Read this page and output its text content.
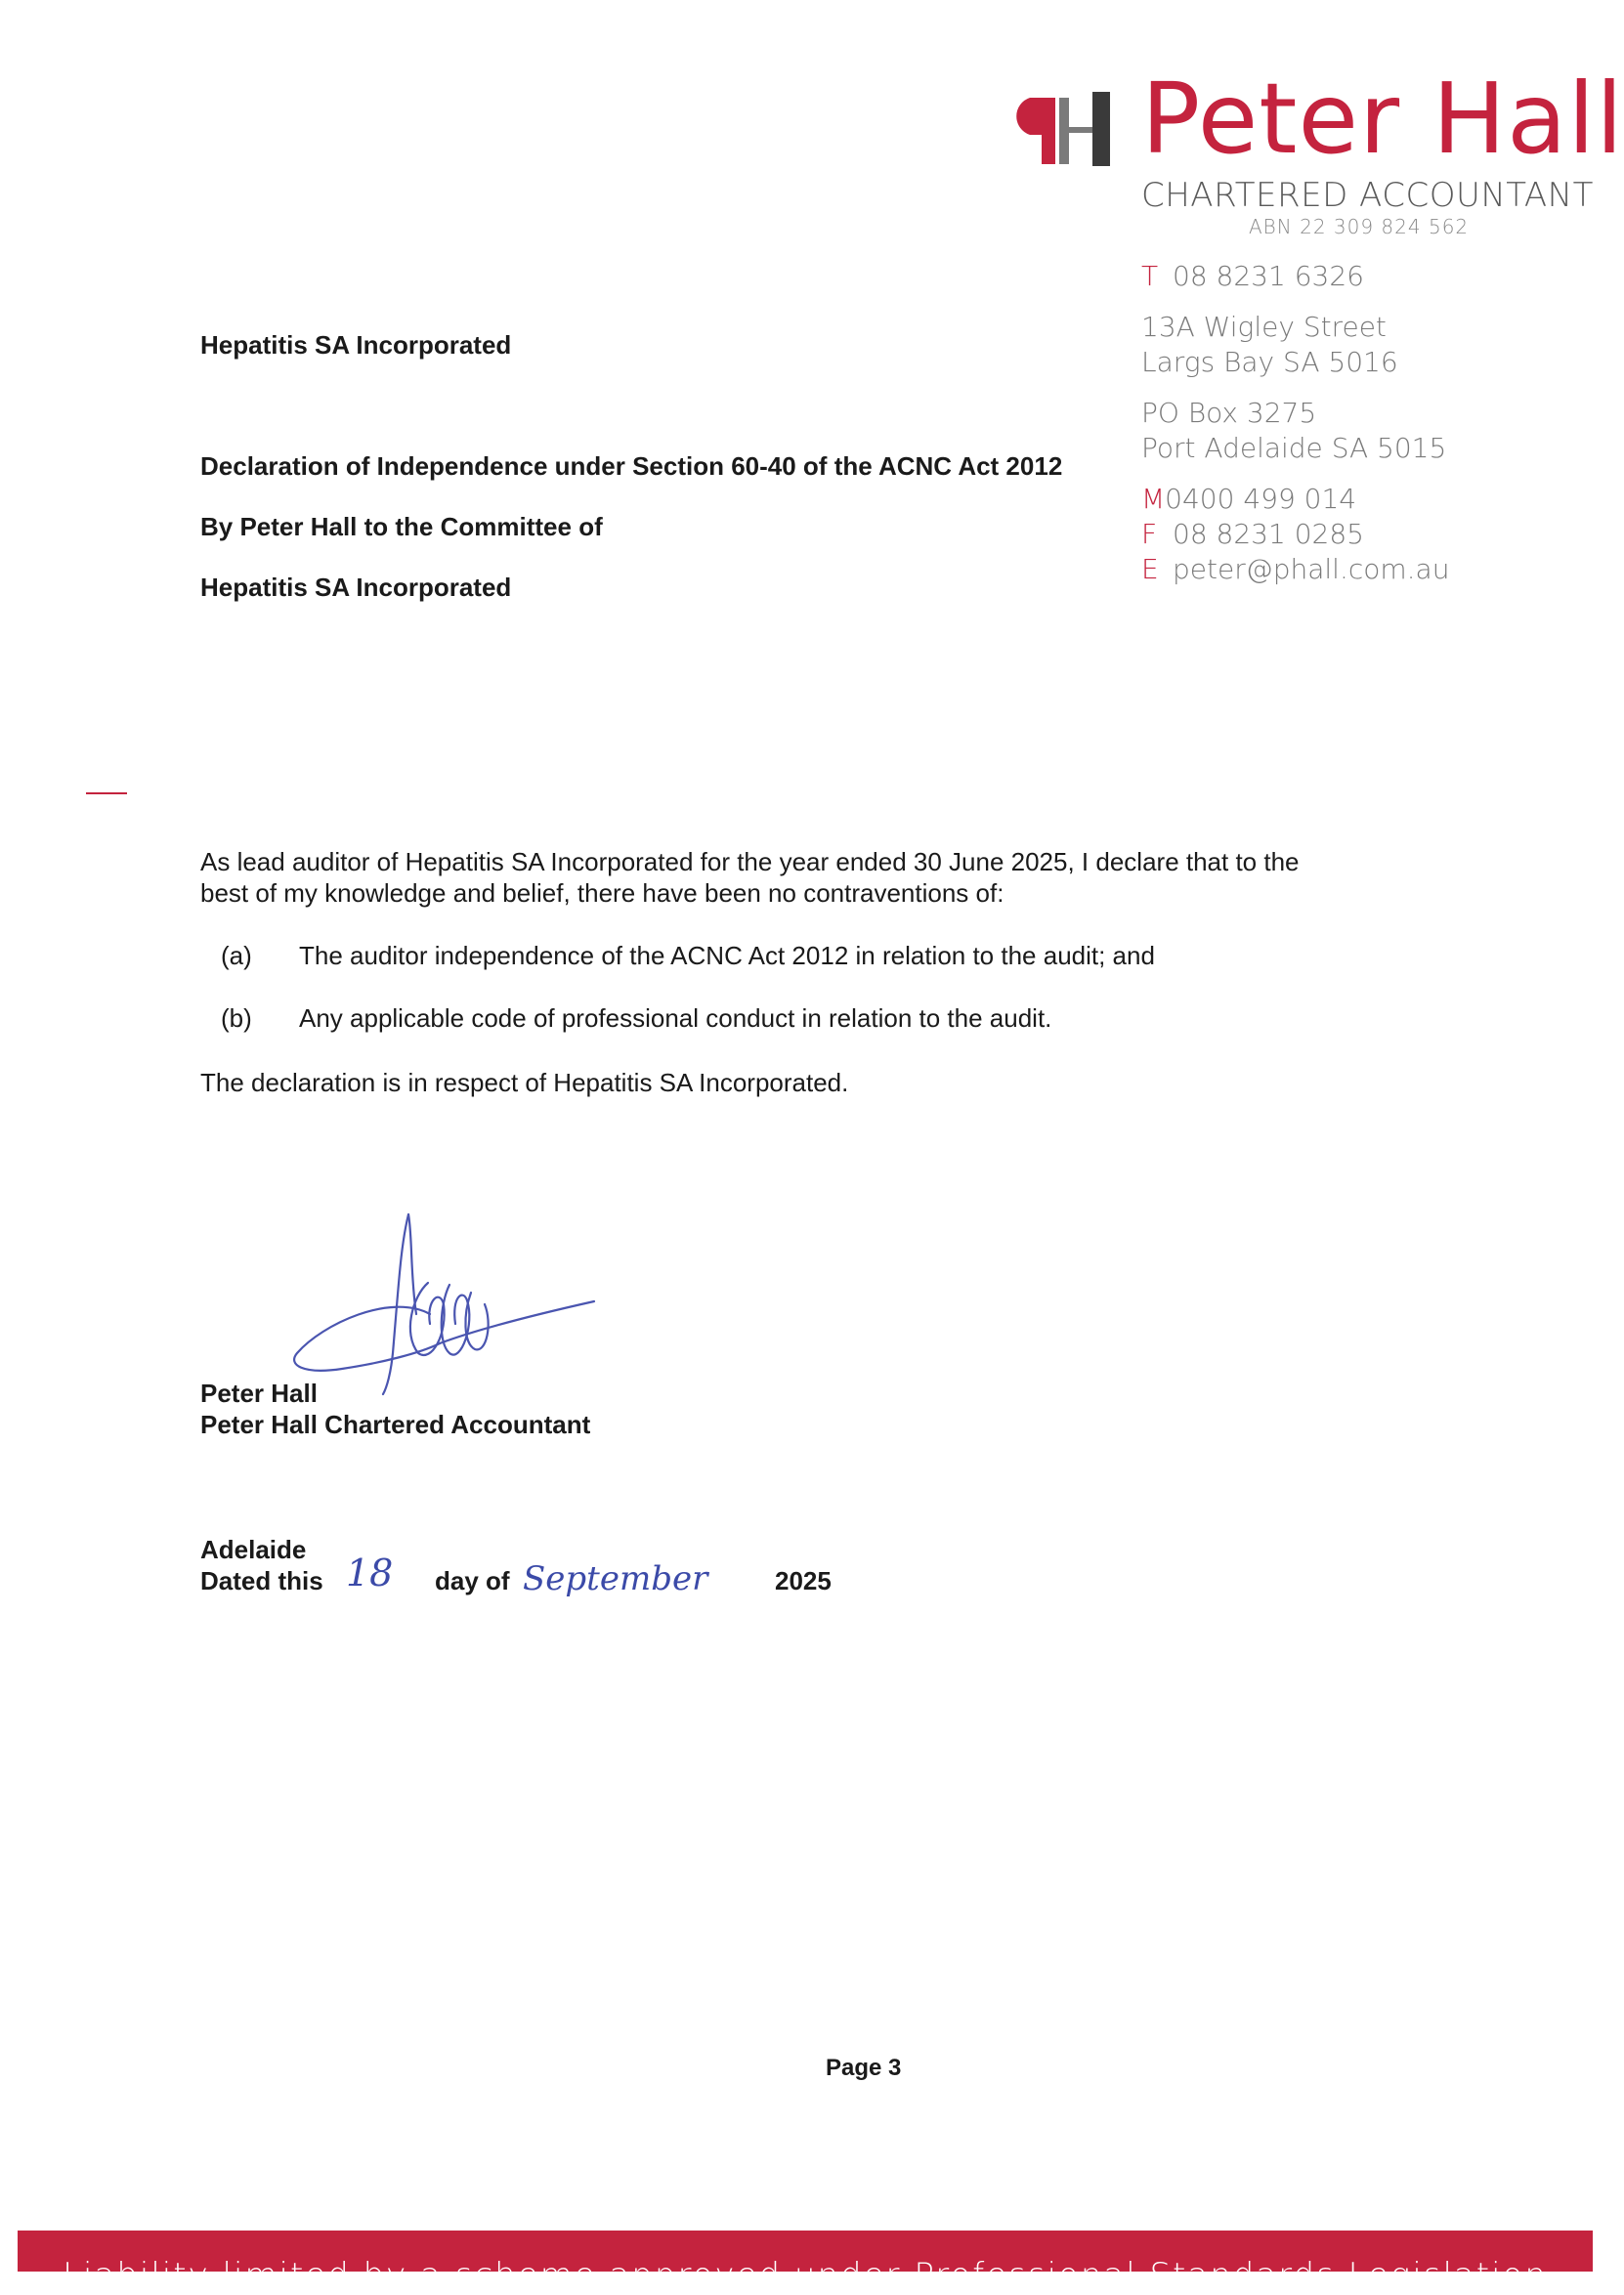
Peter Hall
CHARTERED ACCOUNTANT
ABN 22 309 824 562
T 08 8231 6326
13A Wigley Street
Largs Bay SA 5016
PO Box 3275
Port Adelaide SA 5015
M0400 499 014
F 08 8231 0285
E peter@phall.com.au
Hepatitis SA Incorporated
Declaration of Independence under Section 60-40 of the ACNC Act 2012
By Peter Hall to the Committee of
Hepatitis SA Incorporated
As lead auditor of Hepatitis SA Incorporated for the year ended 30 June 2025, I declare that to the best of my knowledge and belief, there have been no contraventions of:
(a) The auditor independence of the ACNC Act 2012 in relation to the audit; and
(b) Any applicable code of professional conduct in relation to the audit.
The declaration is in respect of Hepatitis SA Incorporated.
Peter Hall
Peter Hall Chartered Accountant
Adelaide
Dated this 18 day of September	2025
Page 3
Liability limited by a scheme approved under Professional Standards Legislation
